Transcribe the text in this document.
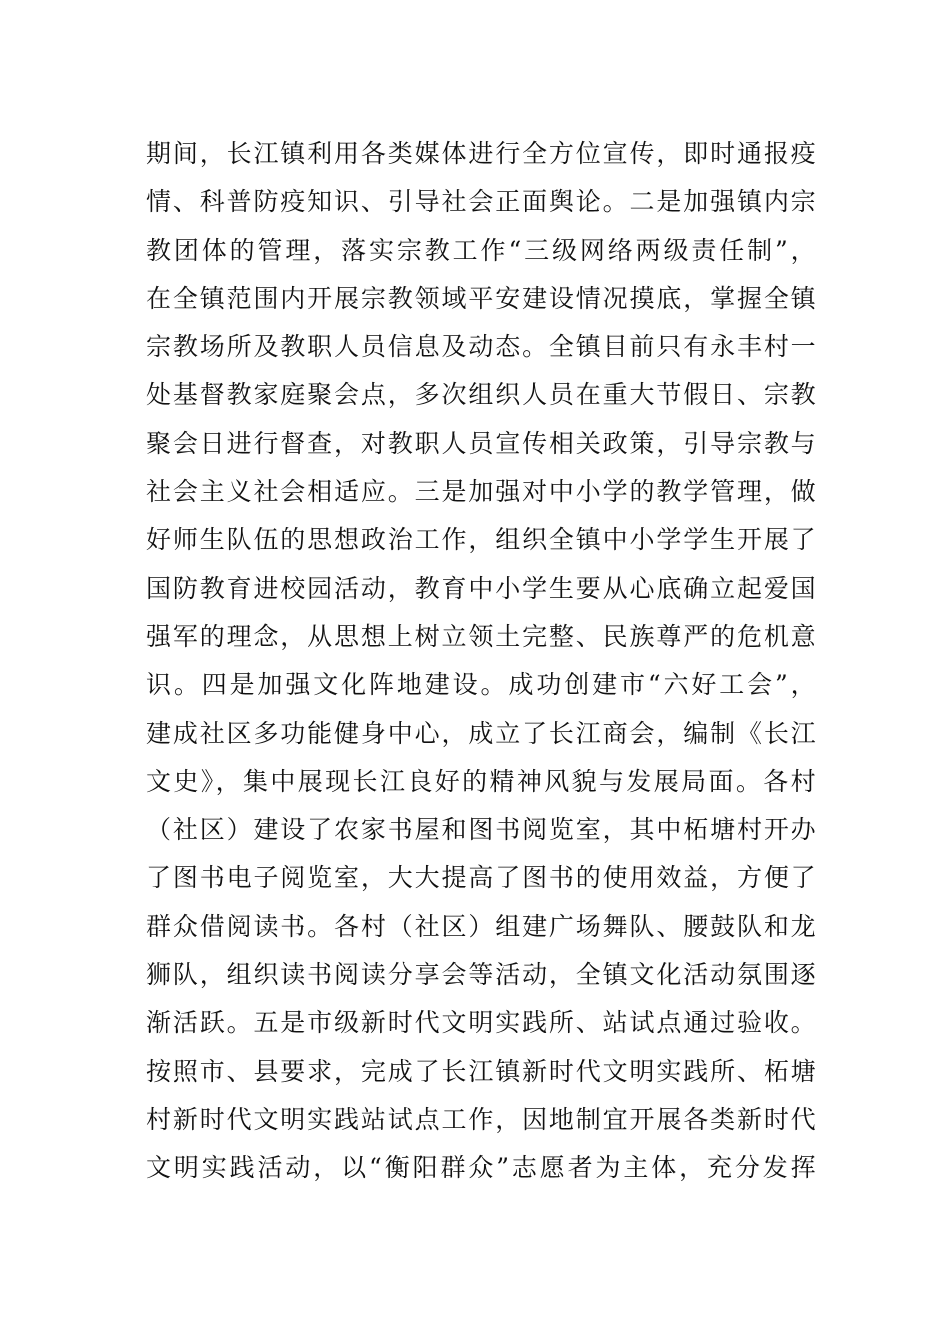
期间，长江镇利用各类媒体进行全方位宣传，即时通报疫
情、科普防疫知识、引导社会正面舆论。二是加强镇内宗
教团体的管理，落实宗教工作“三级网络两级责任制”，
在全镇范围内开展宗教领域平安建设情况摸底，掌握全镇
宗教场所及教职人员信息及动态。全镇目前只有永丰村一
处基督教家庭聚会点，多次组织人员在重大节假日、宗教
聚会日进行督查，对教职人员宣传相关政策，引导宗教与
社会主义社会相适应。三是加强对中小学的教学管理，做
好师生队伍的思想政治工作，组织全镇中小学学生开展了
国防教育进校园活动，教育中小学生要从心底确立起爱国
强军的理念，从思想上树立领土完整、民族尊严的危机意
识。四是加强文化阵地建设。成功创建市“六好工会”，
建成社区多功能健身中心，成立了长江商会，编制《长江
文史》，集中展现长江良好的精神风貌与发展局面。各村
（社区）建设了农家书屋和图书阅览室，其中柘塘村开办
了图书电子阅览室，大大提高了图书的使用效益，方便了
群众借阅读书。各村（社区）组建广场舞队、腰鼓队和龙
狮队，组织读书阅读分享会等活动，全镇文化活动氛围逐
渐活跃。五是市级新时代文明实践所、站试点通过验收。
按照市、县要求，完成了长江镇新时代文明实践所、柘塘
村新时代文明实践站试点工作，因地制宜开展各类新时代
文明实践活动，以“衡阳群众”志愿者为主体，充分发挥
